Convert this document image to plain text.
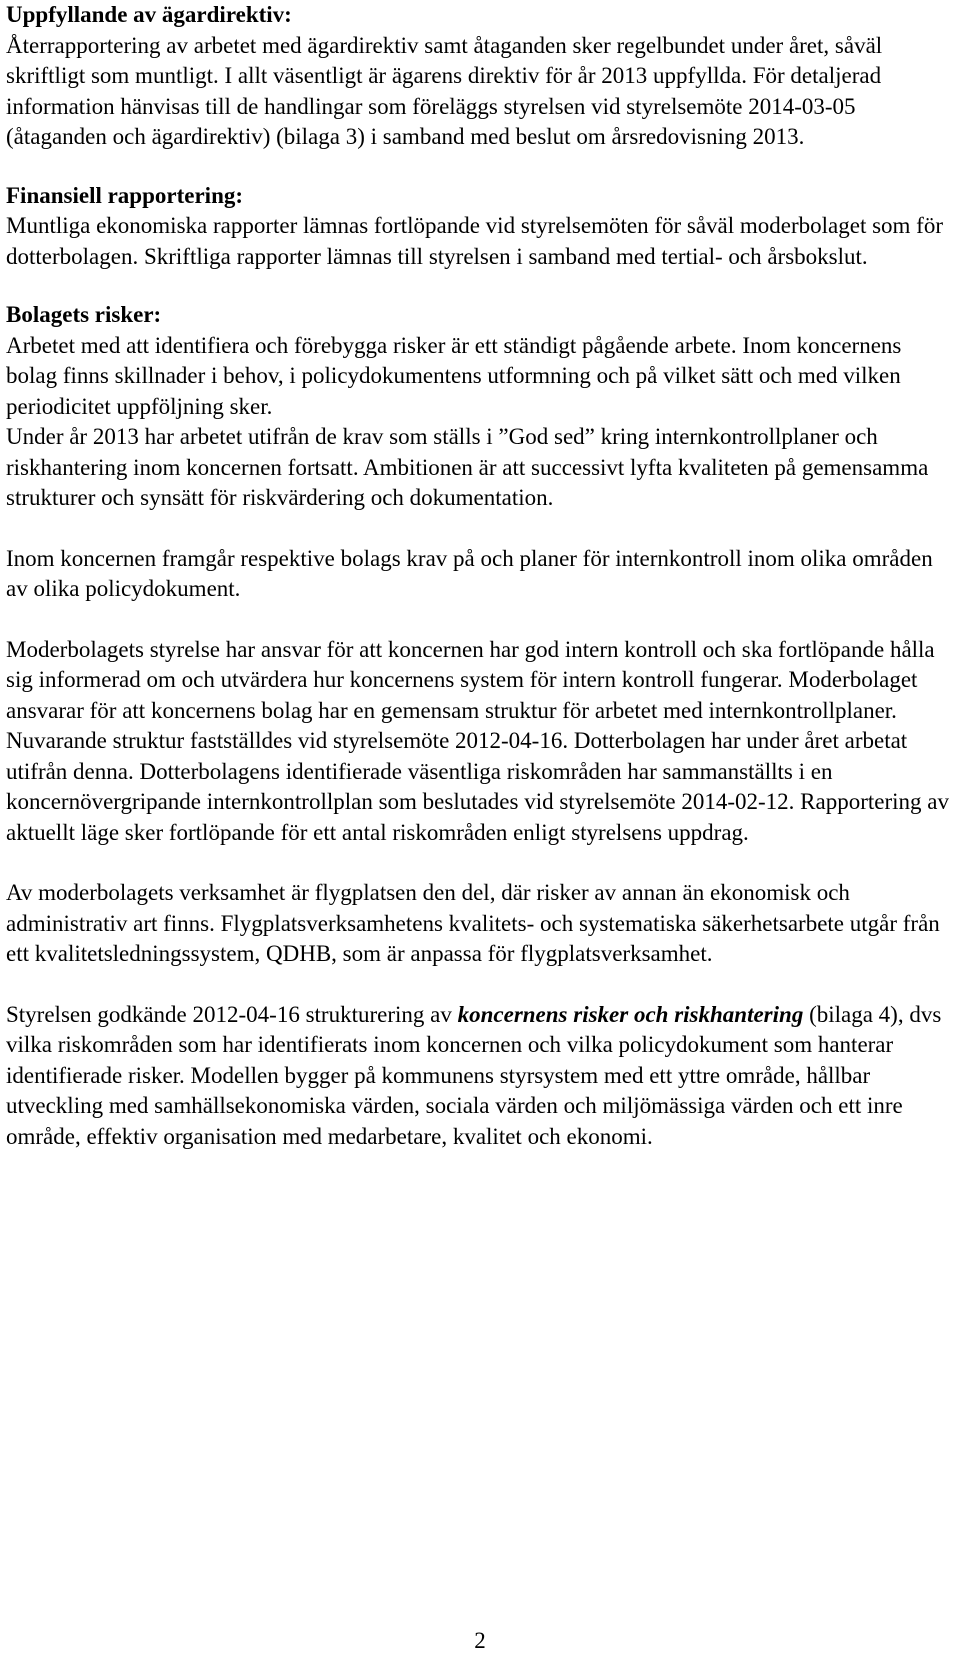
Uppfyllande av ägardirektiv:
Återrapportering av arbetet med ägardirektiv samt åtaganden sker regelbundet under året, såväl skriftligt som muntligt. I allt väsentligt är ägarens direktiv för år 2013 uppfyllda. För detaljerad information hänvisas till de handlingar som föreläggs styrelsen vid styrelsemöte 2014-03-05 (åtaganden och ägardirektiv) (bilaga 3) i samband med beslut om årsredovisning 2013.
Finansiell rapportering:
Muntliga ekonomiska rapporter lämnas fortlöpande vid styrelsemöten för såväl moderbolaget som för dotterbolagen. Skriftliga rapporter lämnas till styrelsen i samband med tertial- och årsbokslut.
Bolagets risker:
Arbetet med att identifiera och förebygga risker är ett ständigt pågående arbete. Inom koncernens bolag finns skillnader i behov, i policydokumentens utformning och på vilket sätt och med vilken periodicitet uppföljning sker.
Under år 2013 har arbetet utifrån de krav som ställs i ”God sed” kring internkontrollplaner och riskhantering inom koncernen fortsatt. Ambitionen är att successivt lyfta kvaliteten på gemensamma strukturer och synsätt för riskvärdering och dokumentation.
Inom koncernen framgår respektive bolags krav på och planer för internkontroll inom olika områden av olika policydokument.
Moderbolagets styrelse har ansvar för att koncernen har god intern kontroll och ska fortlöpande hålla sig informerad om och utvärdera hur koncernens system för intern kontroll fungerar. Moderbolaget ansvarar för att koncernens bolag har en gemensam struktur för arbetet med internkontrollplaner. Nuvarande struktur fastställdes vid styrelsemöte 2012-04-16. Dotterbolagen har under året arbetat utifrån denna. Dotterbolagens identifierade väsentliga riskområden har sammanställts i en koncernövergripande internkontrollplan som beslutades vid styrelsemöte 2014-02-12. Rapportering av aktuellt läge sker fortlöpande för ett antal riskområden enligt styrelsens uppdrag.
Av moderbolagets verksamhet är flygplatsen den del, där risker av annan än ekonomisk och administrativ art finns. Flygplatsverksamhetens kvalitets- och systematiska säkerhetsarbete utgår från ett kvalitetsledningssystem, QDHB, som är anpassa för flygplatsverksamhet.
Styrelsen godkände 2012-04-16 strukturering av koncernens risker och riskhantering (bilaga 4), dvs vilka riskområden som har identifierats inom koncernen och vilka policydokument som hanterar identifierade risker. Modellen bygger på kommunens styrsystem med ett yttre område, hållbar utveckling med samhällsekonomiska värden, sociala värden och miljömässiga värden och ett inre område, effektiv organisation med medarbetare, kvalitet och ekonomi.
2
